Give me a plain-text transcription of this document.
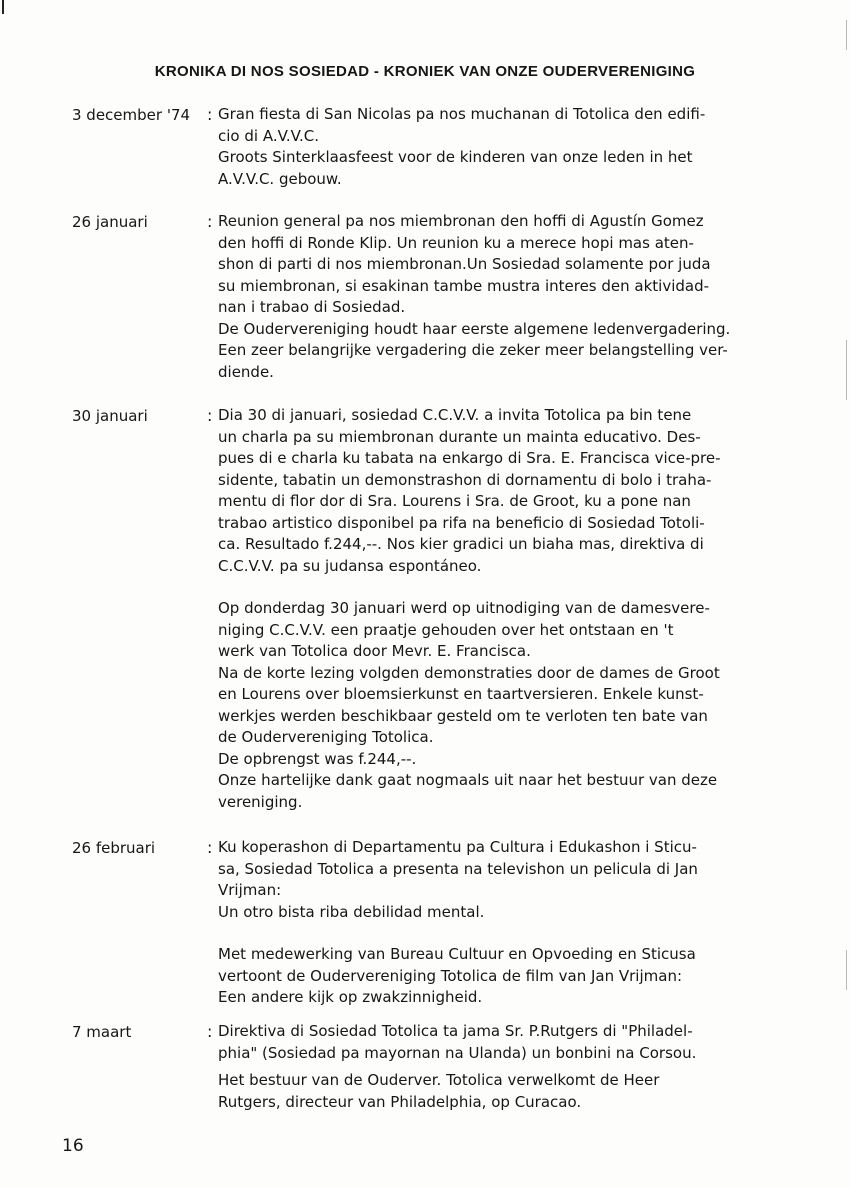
KRONIKA DI NOS SOSIEDAD - KRONIEK VAN ONZE OUDERVERENIGING
3 december '74 : Gran fiesta di San Nicolas pa nos muchanan di Totolica den edifi-
cio di A.V.V.C.

Groots Sinterklaasfeest voor de kinderen van onze leden in het
A.V.V.C. gebouw.

26 januari	: Reunion general pa nos miembronan den hoffi di Agustín Gomez
den hoffi di Ronde Klip. Un reunion ku a merece hopi mas aten-
shon di parti di nos miembronan.Un Sosiedad solamente por juda
su miembronan, si esakinan tambe mustra interes den aktividad-
nan i trabao di Sosiedad.

De Oudervereniging houdt haar eerste algemene ledenvergadering.
Een zeer belangrijke vergadering die zeker meer belangstelling ver-
diende.

30 januari	: Dia 30 di januari, sosiedad C.C.V.V. a invita Totolica pa bin tene
un charla pa su miembronan durante un mainta educativo. Des-
pues di e charla ku tabata na enkargo di Sra. E. Francisca vice-pre-
sidente, tabatin un demonstrashon di dornamentu di bolo i traha-
mentu di flor dor di Sra. Lourens i Sra. de Groot, ku a pone nan
trabao artistico disponibel pa rifa na beneficio di Sosiedad Totoli-
ca. Resultado f.244,--. Nos kier gradici un biaha mas, direktiva di
C.C.V.V. pa su judansa espontáneo.

Op donderdag 30 januari werd op uitnodiging van de damesvere-
niging C.C.V.V. een praatje gehouden over het ontstaan en 't
werk van Totolica door Mevr. E. Francisca.
Na de korte lezing volgden demonstraties door de dames de Groot
en Lourens over bloemsierkunst en taartversieren. Enkele kunst-
werkjes werden beschikbaar gesteld om te verloten ten bate van
de Oudervereniging Totolica.
De opbrengst was f.244,--.
Onze hartelijke dank gaat nogmaals uit naar het bestuur van deze
vereniging.

26 februari	: Ku koperashon di Departamentu pa Cultura i Edukashon i Sticu-
sa, Sosiedad Totolica a presenta na televishon un pelicula di Jan
Vrijman:
Un otro bista riba debilidad mental.

Met medewerking van Bureau Cultuur en Opvoeding en Sticusa
vertoont de Oudervereniging Totolica de film van Jan Vrijman:
Een andere kijk op zwakzinnigheid.

7 maart	: Direktiva di Sosiedad Totolica ta jama Sr. P.Rutgers di "Philadel-
phia" (Sosiedad pa mayornan na Ulanda) un bonbini na Corsou.

Het bestuur van de Ouderver. Totolica verwelkomt de Heer
Rutgers, directeur van Philadelphia, op Curacao.

16
